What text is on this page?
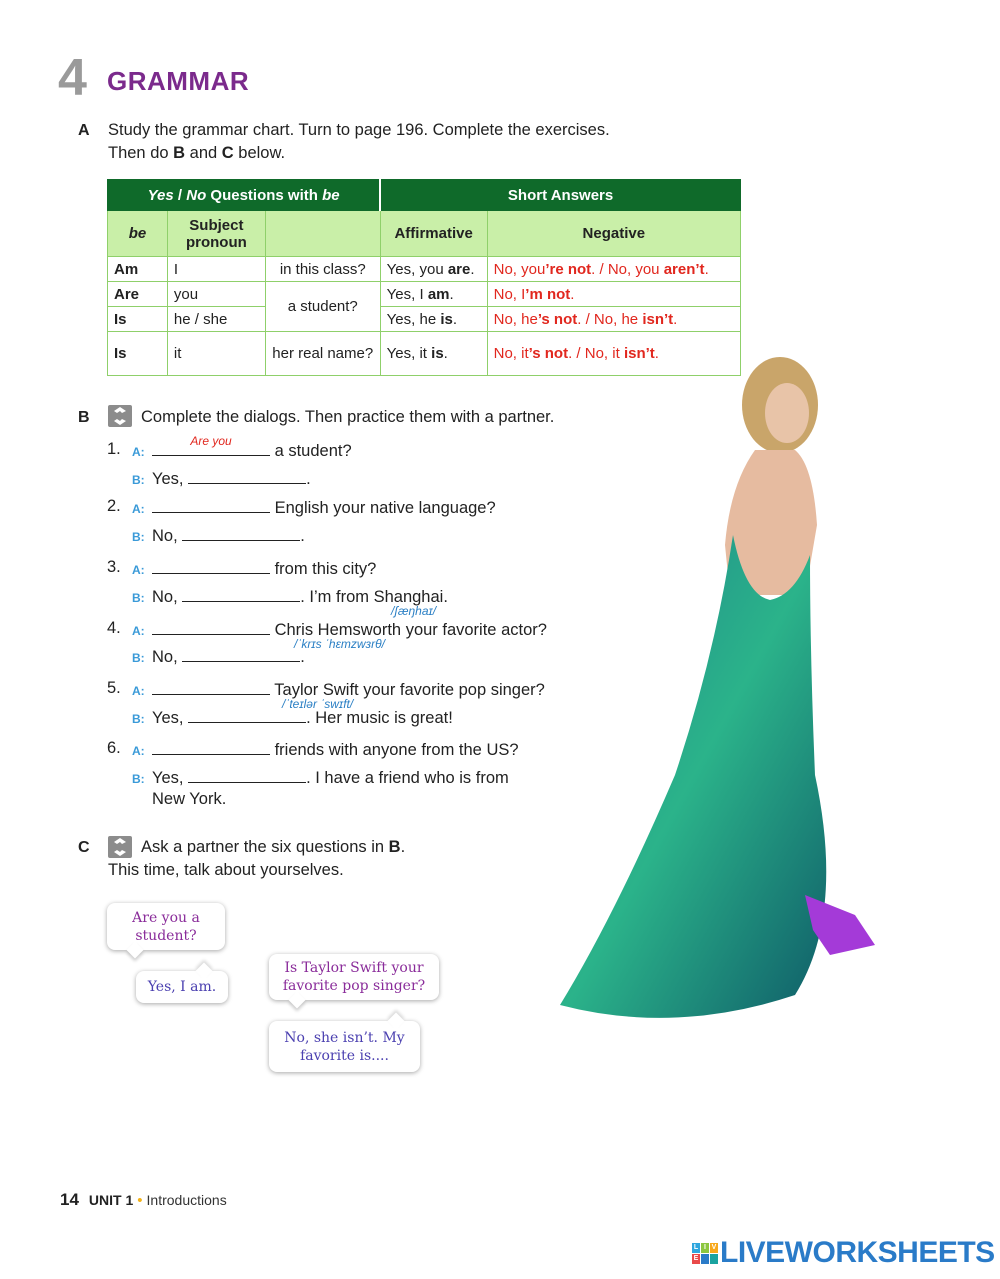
4 GRAMMAR
A Study the grammar chart. Turn to page 196. Complete the exercises.
Then do B and C below.
Yes / No Questions with be			Short Answers	
be	Subject pronoun		Affirmative	Negative
Am	I	in this class?	Yes, you are.	No, you’re not. / No, you aren’t.
Are	you	a student?	Yes, I am.	No, I’m not.
Is	he / she		Yes, he is.	No, he’s not. / No, he isn’t.
Is	it	her real name?	Yes, it is.	No, it’s not. / No, it isn’t.
B	Complete the dialogs. Then practice them with a partner.
1. A:
Are you
a student?
B: Yes,	.
2. A:	English your native language?
B: No,	.
3. A:	from this city?
B: No,	. I’m from Shanghai.
/ʃæŋhaɪ/
4. A:	Chris Hemsworth your favorite actor?
/ˈkrɪs ˈhɛmzwɜrθ/
B: No,	.
5. A:	Taylor Swift your favorite pop singer?
/ˈteɪlər ˈswɪft/
B: Yes,	. Her music is great!
6. A:	friends with anyone from the US?
B: Yes,	. I have a friend who is from
New York.
C	Ask a partner the six questions in B.
This time, talk about yourselves.
Are you a student?
Yes, I am.
Is Taylor Swift your favorite pop singer?
No, she isn’t. My favorite is....
14 UNIT 1 • Introductions
L I V
E LIVEWORKSHEETS
